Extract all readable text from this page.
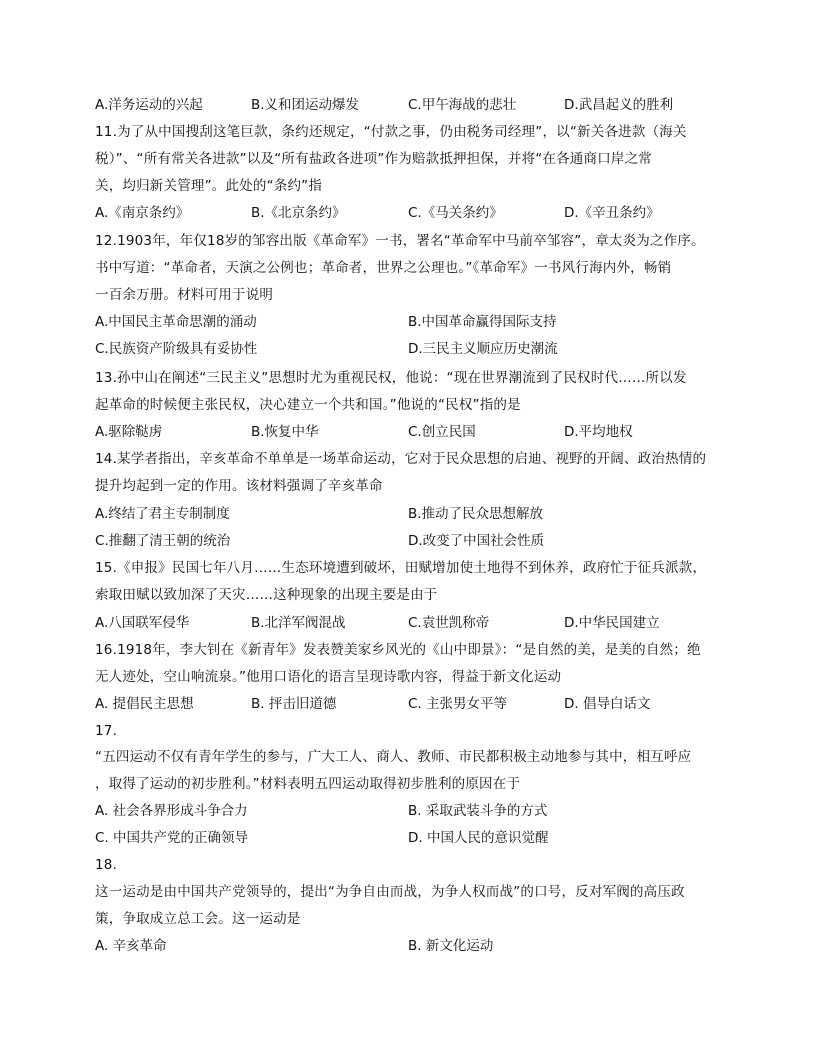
A.洋务运动的兴起	B.义和团运动爆发	C.甲午海战的悲壮	D.武昌起义的胜利
11.为了从中国搜刮这笔巨款，条约还规定，“付款之事，仍由税务司经理”，以“新关各进款（海关
税）”、“所有常关各进款”以及“所有盐政各进项”作为赔款抵押担保，并将“在各通商口岸之常
关，均归新关管理”。此处的“条约”指
A.《南京条约》	B.《北京条约》	C.《马关条约》	D.《辛丑条约》
12.1903年，年仅18岁的邹容出版《革命军》一书，署名“革命军中马前卒邹容”，章太炎为之作序。
书中写道：“革命者，天演之公例也；革命者，世界之公理也。”《革命军》一书风行海内外，畅销
一百余万册。材料可用于说明
A.中国民主革命思潮的涌动	B.中国革命赢得国际支持
C.民族资产阶级具有妥协性	D.三民主义顺应历史潮流
13.孙中山在阐述“三民主义”思想时尤为重视民权，他说：“现在世界潮流到了民权时代……所以发
起革命的时候便主张民权，决心建立一个共和国。”他说的“民权”指的是
A.驱除鞑虏	B.恢复中华	C.创立民国	D.平均地权
14.某学者指出，辛亥革命不单单是一场革命运动，它对于民众思想的启迪、视野的开阔、政治热情的
提升均起到一定的作用。该材料强调了辛亥革命
A.终结了君主专制制度	B.推动了民众思想解放
C.推翻了清王朝的统治	D.改变了中国社会性质
15.《申报》民国七年八月……生态环境遭到破坏，田赋增加使土地得不到休养，政府忙于征兵派款，
索取田赋以致加深了天灾……这种现象的出现主要是由于
A.八国联军侵华	B.北洋军阀混战	C.袁世凯称帝	D.中华民国建立
16.1918年，李大钊在《新青年》发表赞美家乡风光的《山中即景》：“是自然的美，是美的自然；绝
无人迹处，空山响流泉。”他用口语化的语言呈现诗歌内容，得益于新文化运动
A. 提倡民主思想	B. 抨击旧道德	C. 主张男女平等	D. 倡导白话文
17.
“五四运动不仅有青年学生的参与，广大工人、商人、教师、市民都积极主动地参与其中，相互呼应
，取得了运动的初步胜利。”材料表明五四运动取得初步胜利的原因在于
A. 社会各界形成斗争合力	B. 采取武装斗争的方式
C. 中国共产党的正确领导	D. 中国人民的意识觉醒
18.
这一运动是由中国共产党领导的，提出“为争自由而战，为争人权而战”的口号，反对军阀的高压政
策，争取成立总工会。这一运动是
A. 辛亥革命	B. 新文化运动
